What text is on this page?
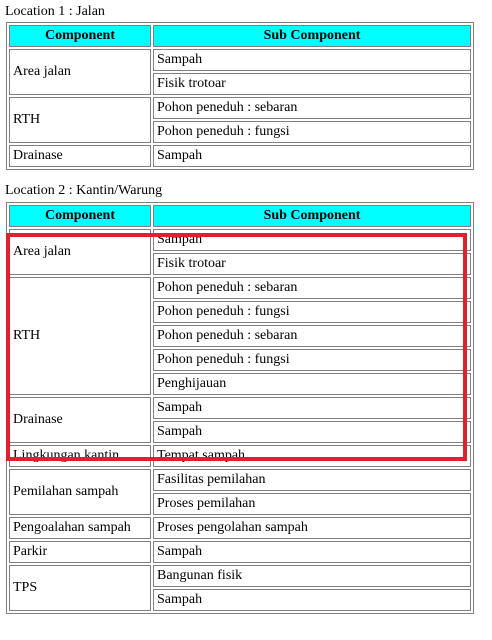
Location 1 : Jalan
Component	Sub Component
Area jalan	Sampah
	Fisik trotoar
RTH	Pohon peneduh : sebaran
	Pohon peneduh : fungsi
Drainase	Sampah
Location 2 : Kantin/Warung
Component	Sub Component
Area jalan	Sampah
	Fisik trotoar
RTH	Pohon peneduh : sebaran
	Pohon peneduh : fungsi
	Pohon peneduh : sebaran
	Pohon peneduh : fungsi
	Penghijauan
Drainase	Sampah
	Sampah
Lingkungan kantin	Tempat sampah
Pemilahan sampah	Fasilitas pemilahan
	Proses pemilahan
Pengoalahan sampah	Proses pengolahan sampah
Parkir	Sampah
TPS	Bangunan fisik
	Sampah
